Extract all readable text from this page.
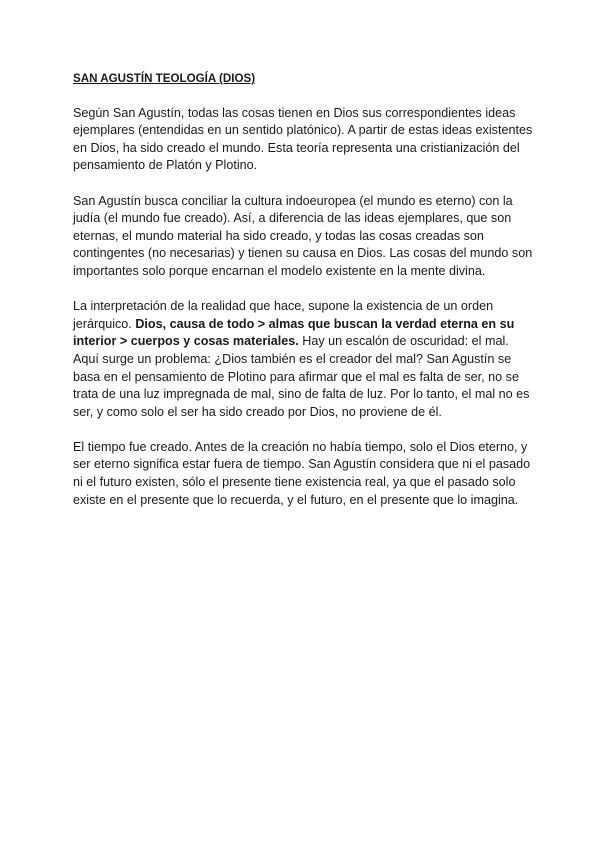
SAN AGUSTÍN TEOLOGÍA (DIOS)

Según San Agustín, todas las cosas tienen en Dios sus correspondientes ideas ejemplares (entendidas en un sentido platónico). A partir de estas ideas existentes en Dios, ha sido creado el mundo. Esta teoría representa una cristianización del pensamiento de Platón y Plotino.

San Agustín busca conciliar la cultura indoeuropea (el mundo es eterno) con la judía (el mundo fue creado). Así, a diferencia de las ideas ejemplares, que son eternas, el mundo material ha sido creado, y todas las cosas creadas son contingentes (no necesarias) y tienen su causa en Dios. Las cosas del mundo son importantes solo porque encarnan el modelo existente en la mente divina.

La interpretación de la realidad que hace, supone la existencia de un orden jerárquico. Dios, causa de todo > almas que buscan la verdad eterna en su interior > cuerpos y cosas materiales. Hay un escalón de oscuridad: el mal. Aquí surge un problema: ¿Dios también es el creador del mal? San Agustín se basa en el pensamiento de Plotino para afirmar que el mal es falta de ser, no se trata de una luz impregnada de mal, sino de falta de luz. Por lo tanto, el mal no es ser, y como solo el ser ha sido creado por Dios, no proviene de él.

El tiempo fue creado. Antes de la creación no había tiempo, solo el Dios eterno, y ser eterno significa estar fuera de tiempo. San Agustín considera que ni el pasado ni el futuro existen, sólo el presente tiene existencia real, ya que el pasado solo existe en el presente que lo recuerda, y el futuro, en el presente que lo imagina.
